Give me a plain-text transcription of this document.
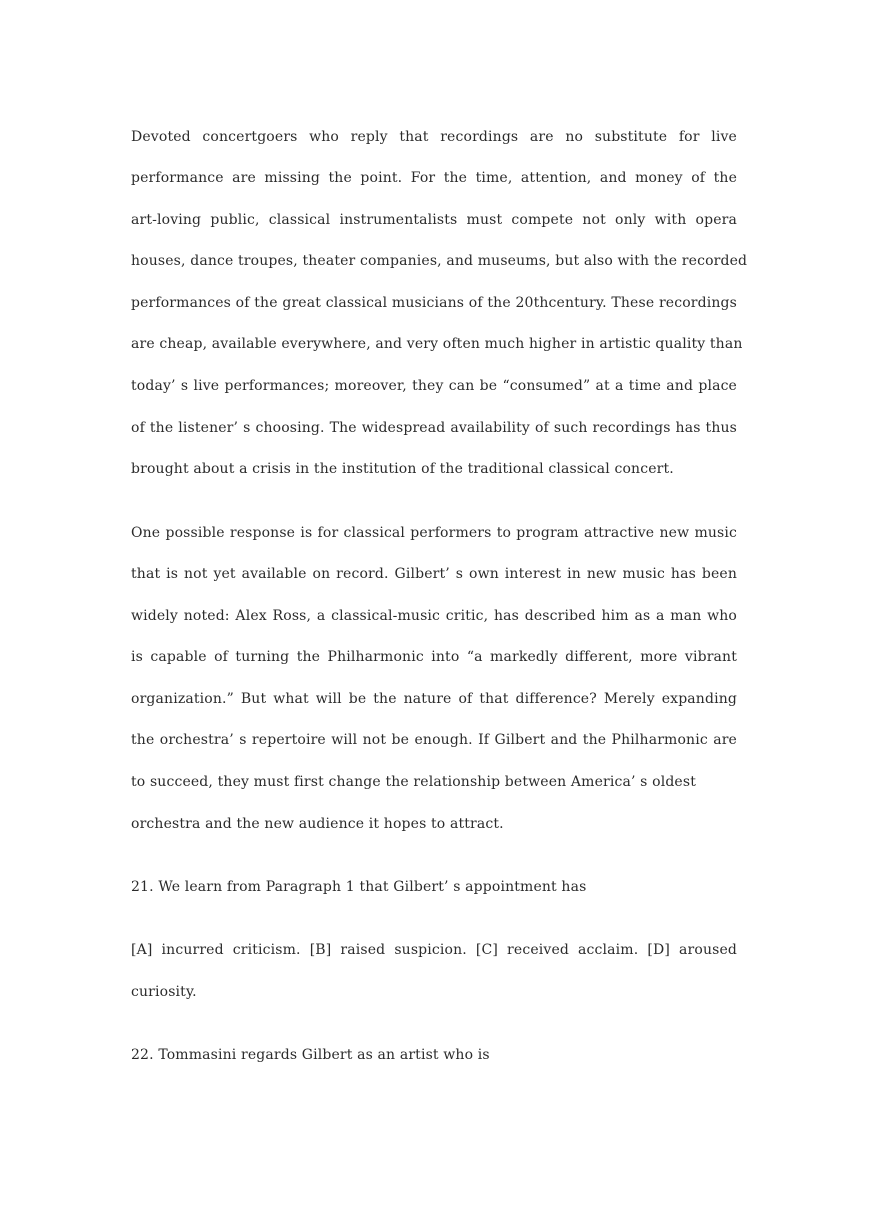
Devoted concertgoers who reply that recordings are no substitute for live
performance are missing the point. For the time, attention, and money of the
art-loving public, classical instrumentalists must compete not only with opera
houses, dance troupes, theater companies, and museums, but also with the recorded
performances of the great classical musicians of the 20thcentury. These recordings
are cheap, available everywhere, and very often much higher in artistic quality than
today’ s live performances; moreover, they can be “consumed” at a time and place
of the listener’ s choosing. The widespread availability of such recordings has thus
brought about a crisis in the institution of the traditional classical concert.
One possible response is for classical performers to program attractive new music
that is not yet available on record. Gilbert’ s own interest in new music has been
widely noted: Alex Ross, a classical-music critic, has described him as a man who
is capable of turning the Philharmonic into “a markedly different, more vibrant
organization.” But what will be the nature of that difference? Merely expanding
the orchestra’ s repertoire will not be enough. If Gilbert and the Philharmonic are
to succeed, they must first change the relationship between America’ s oldest
orchestra and the new audience it hopes to attract.
21. We learn from Paragraph 1 that Gilbert’ s appointment has
[A] incurred criticism. [B] raised suspicion. [C] received acclaim. [D] aroused
curiosity.
22. Tommasini regards Gilbert as an artist who is
